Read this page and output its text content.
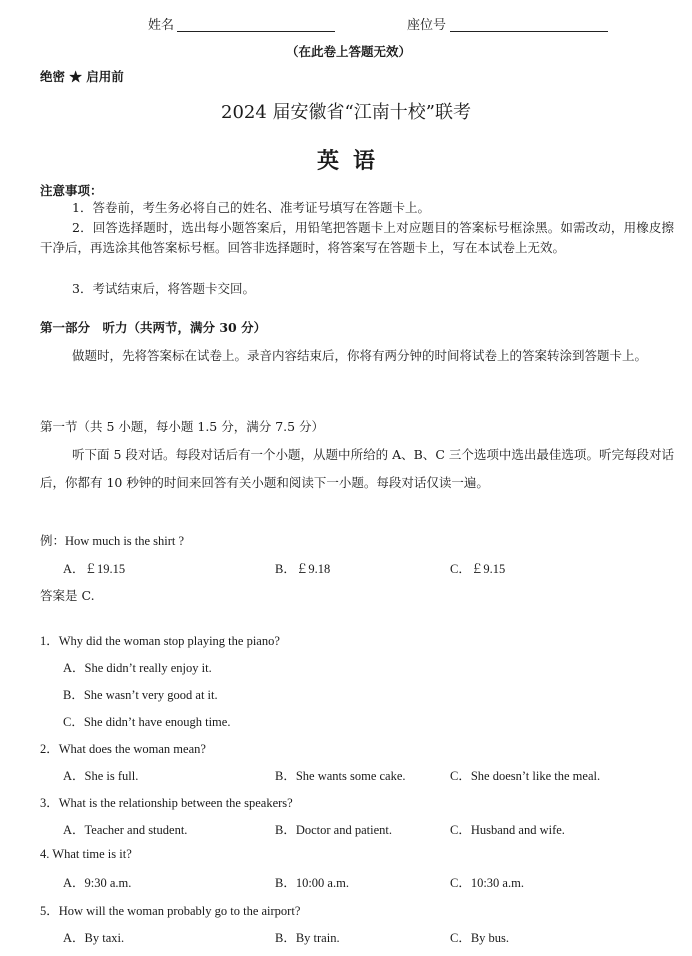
姓名	座位号
（在此卷上答题无效）
绝密 ★ 启用前
2024 届安徽省“江南十校”联考
英语
注意事项：
1．答卷前，考生务必将自己的姓名、准考证号填写在答题卡上。
2．回答选择题时，选出每小题答案后，用铅笔把答题卡上对应题目的答案标号框涂黑。如需改动，用橡皮擦干净后，再选涂其他答案标号框。回答非选择题时，将答案写在答题卡上，写在本试卷上无效。
3．考试结束后，将答题卡交回。
第一部分　听力（共两节，满分 30 分）
做题时，先将答案标在试卷上。录音内容结束后，你将有两分钟的时间将试卷上的答案转涂到答题卡上。
第一节（共 5 小题，每小题 1.5 分，满分 7.5 分）
听下面 5 段对话。每段对话后有一个小题，从题中所给的 A、B、C 三个选项中选出最佳选项。听完每段对话后，你都有 10 秒钟的时间来回答有关小题和阅读下一小题。每段对话仅读一遍。
例：How much is the shirt ?
A．￡19.15	B．￡9.18	C．￡9.15
答案是 C.
1．Why did the woman stop playing the piano?
A．She didn’t really enjoy it.
B．She wasn’t very good at it.
C．She didn’t have enough time.
2．What does the woman mean?
A．She is full.	B．She wants some cake.	C．She doesn’t like the meal.
3．What is the relationship between the speakers?
A．Teacher and student.	B．Doctor and patient.	C．Husband and wife.
4. What time is it?
A．9:30 a.m.	B．10:00 a.m.	C．10:30 a.m.
5．How will the woman probably go to the airport?
A．By taxi.	B．By train.	C．By bus.
